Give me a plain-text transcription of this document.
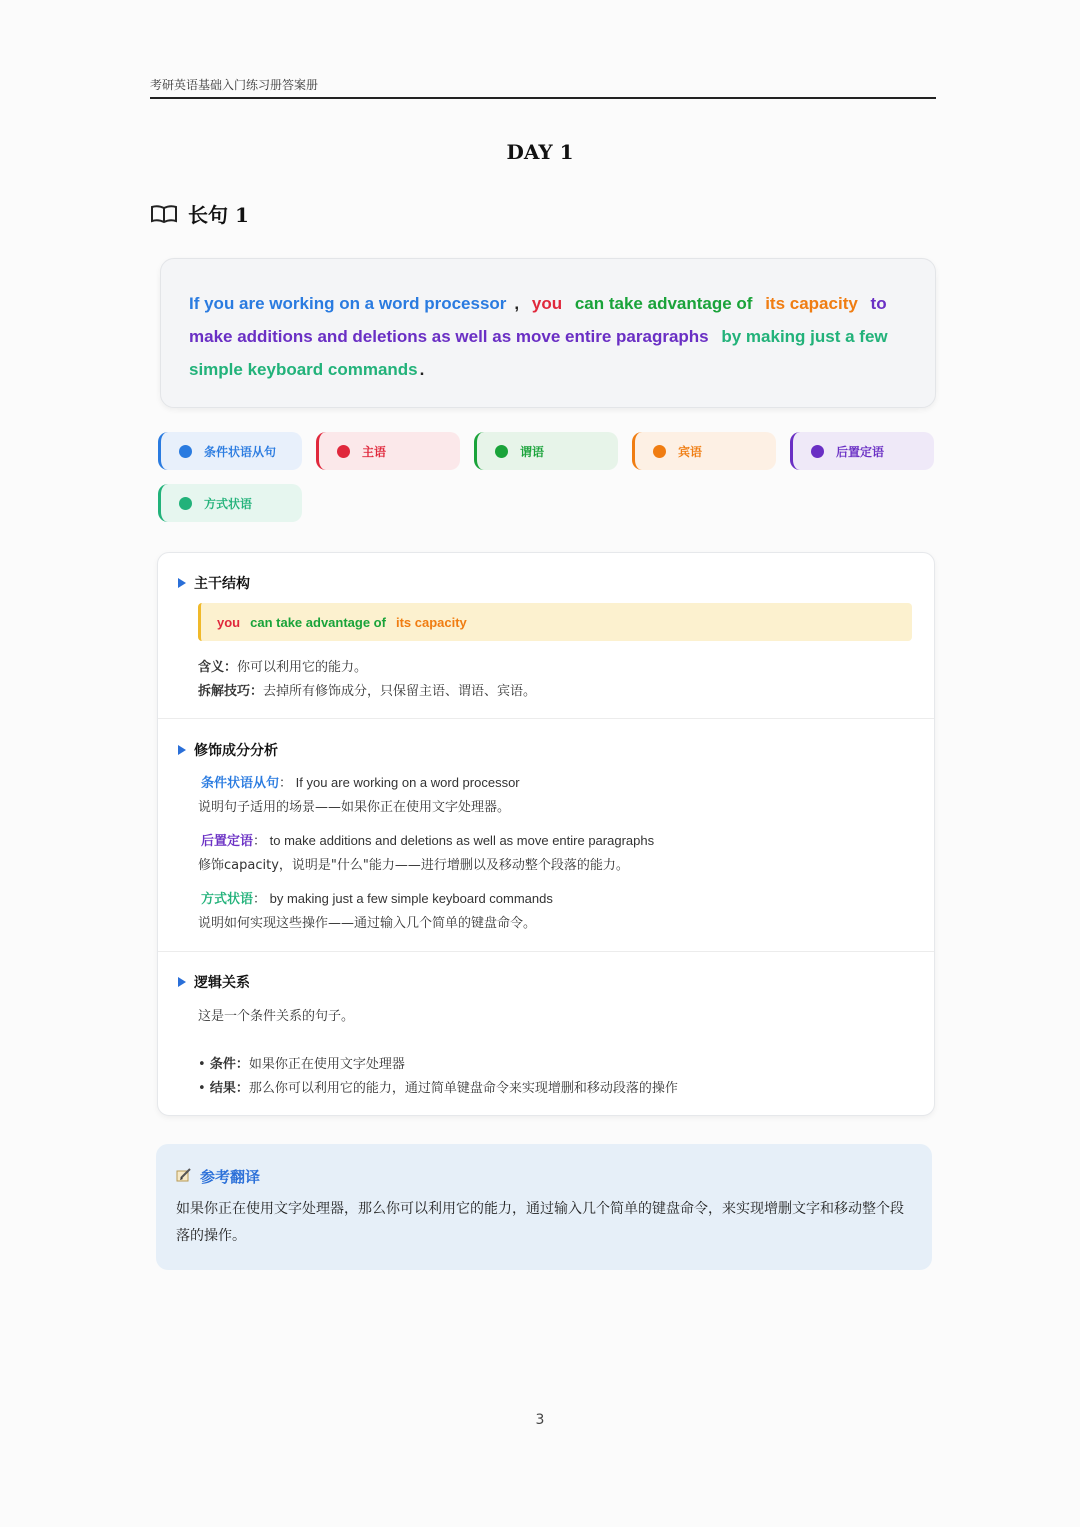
考研英语基础入门练习册答案册
DAY 1
长句 1
If you are working on a word processor , you can take advantage of its capacity to make additions and deletions as well as move entire paragraphs by making just a few simple keyboard commands .
条件状语从句	主语	谓语	宾语	后置定语
方式状语
主干结构
you can take advantage of its capacity
含义：你可以利用它的能力。
拆解技巧：去掉所有修饰成分，只保留主语、谓语、宾语。
修饰成分分析
条件状语从句： If you are working on a word processor
说明句子适用的场景——如果你正在使用文字处理器。
后置定语： to make additions and deletions as well as move entire paragraphs
修饰capacity，说明是"什么"能力——进行增删以及移动整个段落的能力。
方式状语： by making just a few simple keyboard commands
说明如何实现这些操作——通过输入几个简单的键盘命令。
逻辑关系
这是一个条件关系的句子。
• 条件：如果你正在使用文字处理器
• 结果：那么你可以利用它的能力，通过简单键盘命令来实现增删和移动段落的操作
参考翻译
如果你正在使用文字处理器，那么你可以利用它的能力，通过输入几个简单的键盘命令，来实现增删文字和移动整个段落的操作。
3
